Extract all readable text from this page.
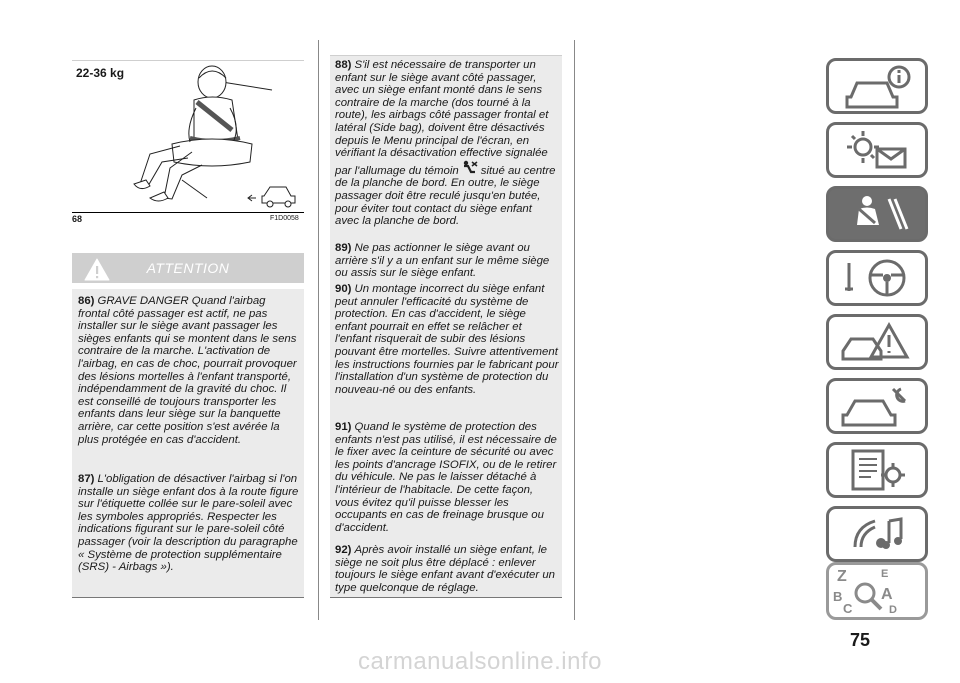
22-36 kg
68	F1D0058
ATTENTION

86) GRAVE DANGER Quand l'airbag frontal côté passager est actif, ne pas installer sur le siège avant passager les sièges enfants qui se montent dans le sens contraire de la marche. L'activation de l'airbag, en cas de choc, pourrait provoquer des lésions mortelles à l'enfant transporté, indépendamment de la gravité du choc. Il est conseillé de toujours transporter les enfants dans leur siège sur la banquette arrière, car cette position s'est avérée la plus protégée en cas d'accident.

87) L'obligation de désactiver l'airbag si l'on installe un siège enfant dos à la route figure sur l'étiquette collée sur le pare-soleil avec les symboles appropriés. Respecter les indications figurant sur le pare-soleil côté passager (voir la description du paragraphe « Système de protection supplémentaire (SRS) - Airbags »).

88) S'il est nécessaire de transporter un enfant sur le siège avant côté passager, avec un siège enfant monté dans le sens contraire de la marche (dos tourné à la route), les airbags côté passager frontal et latéral (Side bag), doivent être désactivés depuis le Menu principal de l'écran, en vérifiant la désactivation effective signalée par l'allumage du témoin situé au centre de la planche de bord. En outre, le siège passager doit être reculé jusqu'en butée, pour éviter tout contact du siège enfant avec la planche de bord.

89) Ne pas actionner le siège avant ou arrière s'il y a un enfant sur le même siège ou assis sur le siège enfant.

90) Un montage incorrect du siège enfant peut annuler l'efficacité du système de protection. En cas d'accident, le siège enfant pourrait en effet se relâcher et l'enfant risquerait de subir des lésions pouvant être mortelles. Suivre attentivement les instructions fournies par le fabricant pour l'installation d'un système de protection du nouveau-né ou des enfants.

91) Quand le système de protection des enfants n'est pas utilisé, il est nécessaire de le fixer avec la ceinture de sécurité ou avec les points d'ancrage ISOFIX, ou de le retirer du véhicule. Ne pas le laisser détaché à l'intérieur de l'habitacle. De cette façon, vous évitez qu'il puisse blesser les occupants en cas de freinage brusque ou d'accident.

92) Après avoir installé un siège enfant, le siège ne soit plus être déplacé : enlever toujours le siège enfant avant d'exécuter un type quelconque de réglage.

Z	E
B A
C	D
75
carmanualsonline.info
